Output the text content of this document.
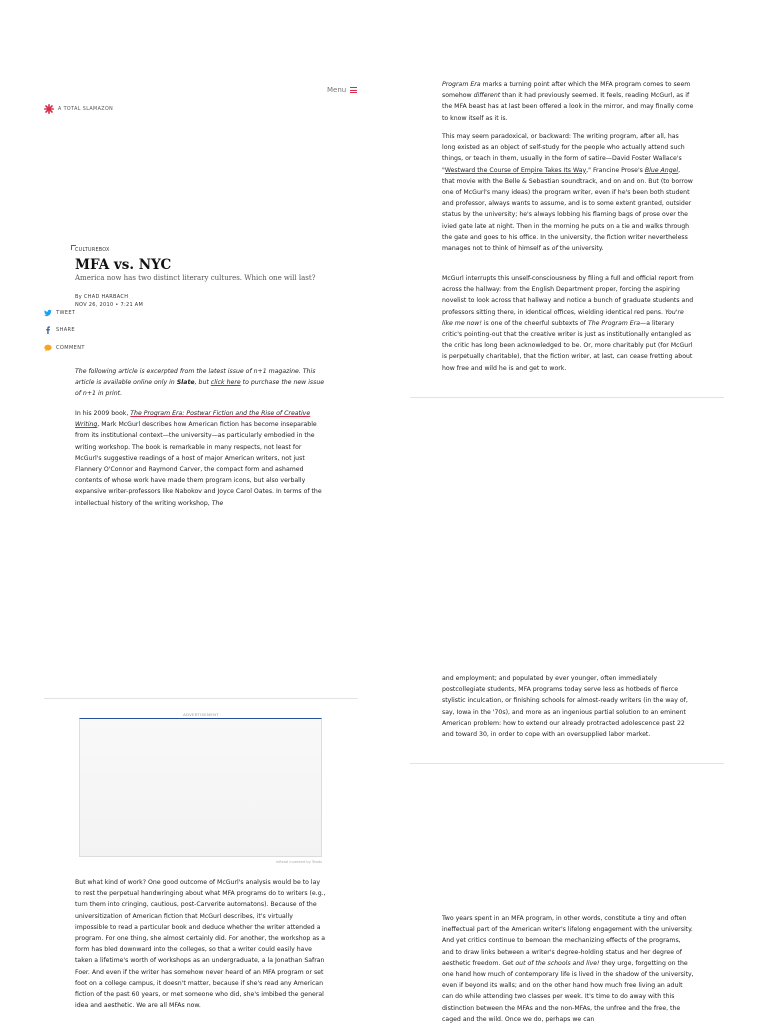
Menu
A TOTAL SLAMAZON
CULTUREBOX
MFA vs. NYC

America now has two distinct literary cultures. Which one will last?

By CHAD HARBACH
NOV 26, 2010 • 7:21 AM
TWEET
SHARE
COMMENT

The following article is excerpted from the latest issue of n+1 magazine. This article is available online only in Slate, but click here to purchase the new issue of n+1 in print.

In his 2009 book, The Program Era: Postwar Fiction and the Rise of Creative Writing, Mark McGurl describes how American fiction has become inseparable from its institutional context—the university—as particularly embodied in the writing workshop. The book is remarkable in many respects, not least for McGurl's suggestive readings of a host of major American writers, not just Flannery O'Connor and Raymond Carver, the compact form and ashamed contents of whose work have made them program icons, but also verbally expansive writer-professors like Nabokov and Joyce Carol Oates. In terms of the intellectual history of the writing workshop, The

ADVERTISEMENT
inRead invented by Teads

But what kind of work? One good outcome of McGurl's analysis would be to lay to rest the perpetual handwringing about what MFA programs do to writers (e.g., turn them into cringing, cautious, post-Carverite automatons). Because of the universitization of American fiction that McGurl describes, it's virtually impossible to read a particular book and deduce whether the writer attended a program. For one thing, she almost certainly did. For another, the workshop as a form has bled downward into the colleges, so that a writer could easily have taken a lifetime's worth of workshops as an undergraduate, a la Jonathan Safran Foer. And even if the writer has somehow never heard of an MFA program or set foot on a college campus, it doesn't matter, because if she's read any American fiction of the past 60 years, or met someone who did, she's imbibed the general idea and aesthetic. We are all MFAs now.

Program Era marks a turning point after which the MFA program comes to seem somehow different than it had previously seemed. It feels, reading McGurl, as if the MFA beast has at last been offered a look in the mirror, and may finally come to know itself as it is.

This may seem paradoxical, or backward: The writing program, after all, has long existed as an object of self-study for the people who actually attend such things, or teach in them, usually in the form of satire—David Foster Wallace's "Westward the Course of Empire Takes Its Way," Francine Prose's Blue Angel, that movie with the Belle & Sebastian soundtrack, and on and on. But (to borrow one of McGurl's many ideas) the program writer, even if he's been both student and professor, always wants to assume, and is to some extent granted, outsider status by the university; he's always lobbing his flaming bags of prose over the ivied gate late at night. Then in the morning he puts on a tie and walks through the gate and goes to his office. In the university, the fiction writer nevertheless manages not to think of himself as of the university.

McGurl interrupts this unself-consciousness by filing a full and official report from across the hallway: from the English Department proper, forcing the aspiring novelist to look across that hallway and notice a bunch of graduate students and professors sitting there, in identical offices, wielding identical red pens. You're like me now! is one of the cheerful subtexts of The Program Era—a literary critic's pointing-out that the creative writer is just as institutionally entangled as the critic has long been acknowledged to be. Or, more charitably put (for McGurl is perpetually charitable), that the fiction writer, at last, can cease fretting about how free and wild he is and get to work.

and employment; and populated by ever younger, often immediately postcollegiate students, MFA programs today serve less as hotbeds of fierce stylistic inculcation, or finishing schools for almost-ready writers (in the way of, say, Iowa in the '70s), and more as an ingenious partial solution to an eminent American problem: how to extend our already protracted adolescence past 22 and toward 30, in order to cope with an oversupplied labor market.

Two years spent in an MFA program, in other words, constitute a tiny and often ineffectual part of the American writer's lifelong engagement with the university. And yet critics continue to bemoan the mechanizing effects of the programs, and to draw links between a writer's degree-holding status and her degree of aesthetic freedom. Get out of the schools and live! they urge, forgetting on the one hand how much of contemporary life is lived in the shadow of the university, even if beyond its walls; and on the other hand how much free living an adult can do while attending two classes per week. It's time to do away with this distinction between the MFAs and the non-MFAs, the unfree and the free, the caged and the wild. Once we do, perhaps we can
